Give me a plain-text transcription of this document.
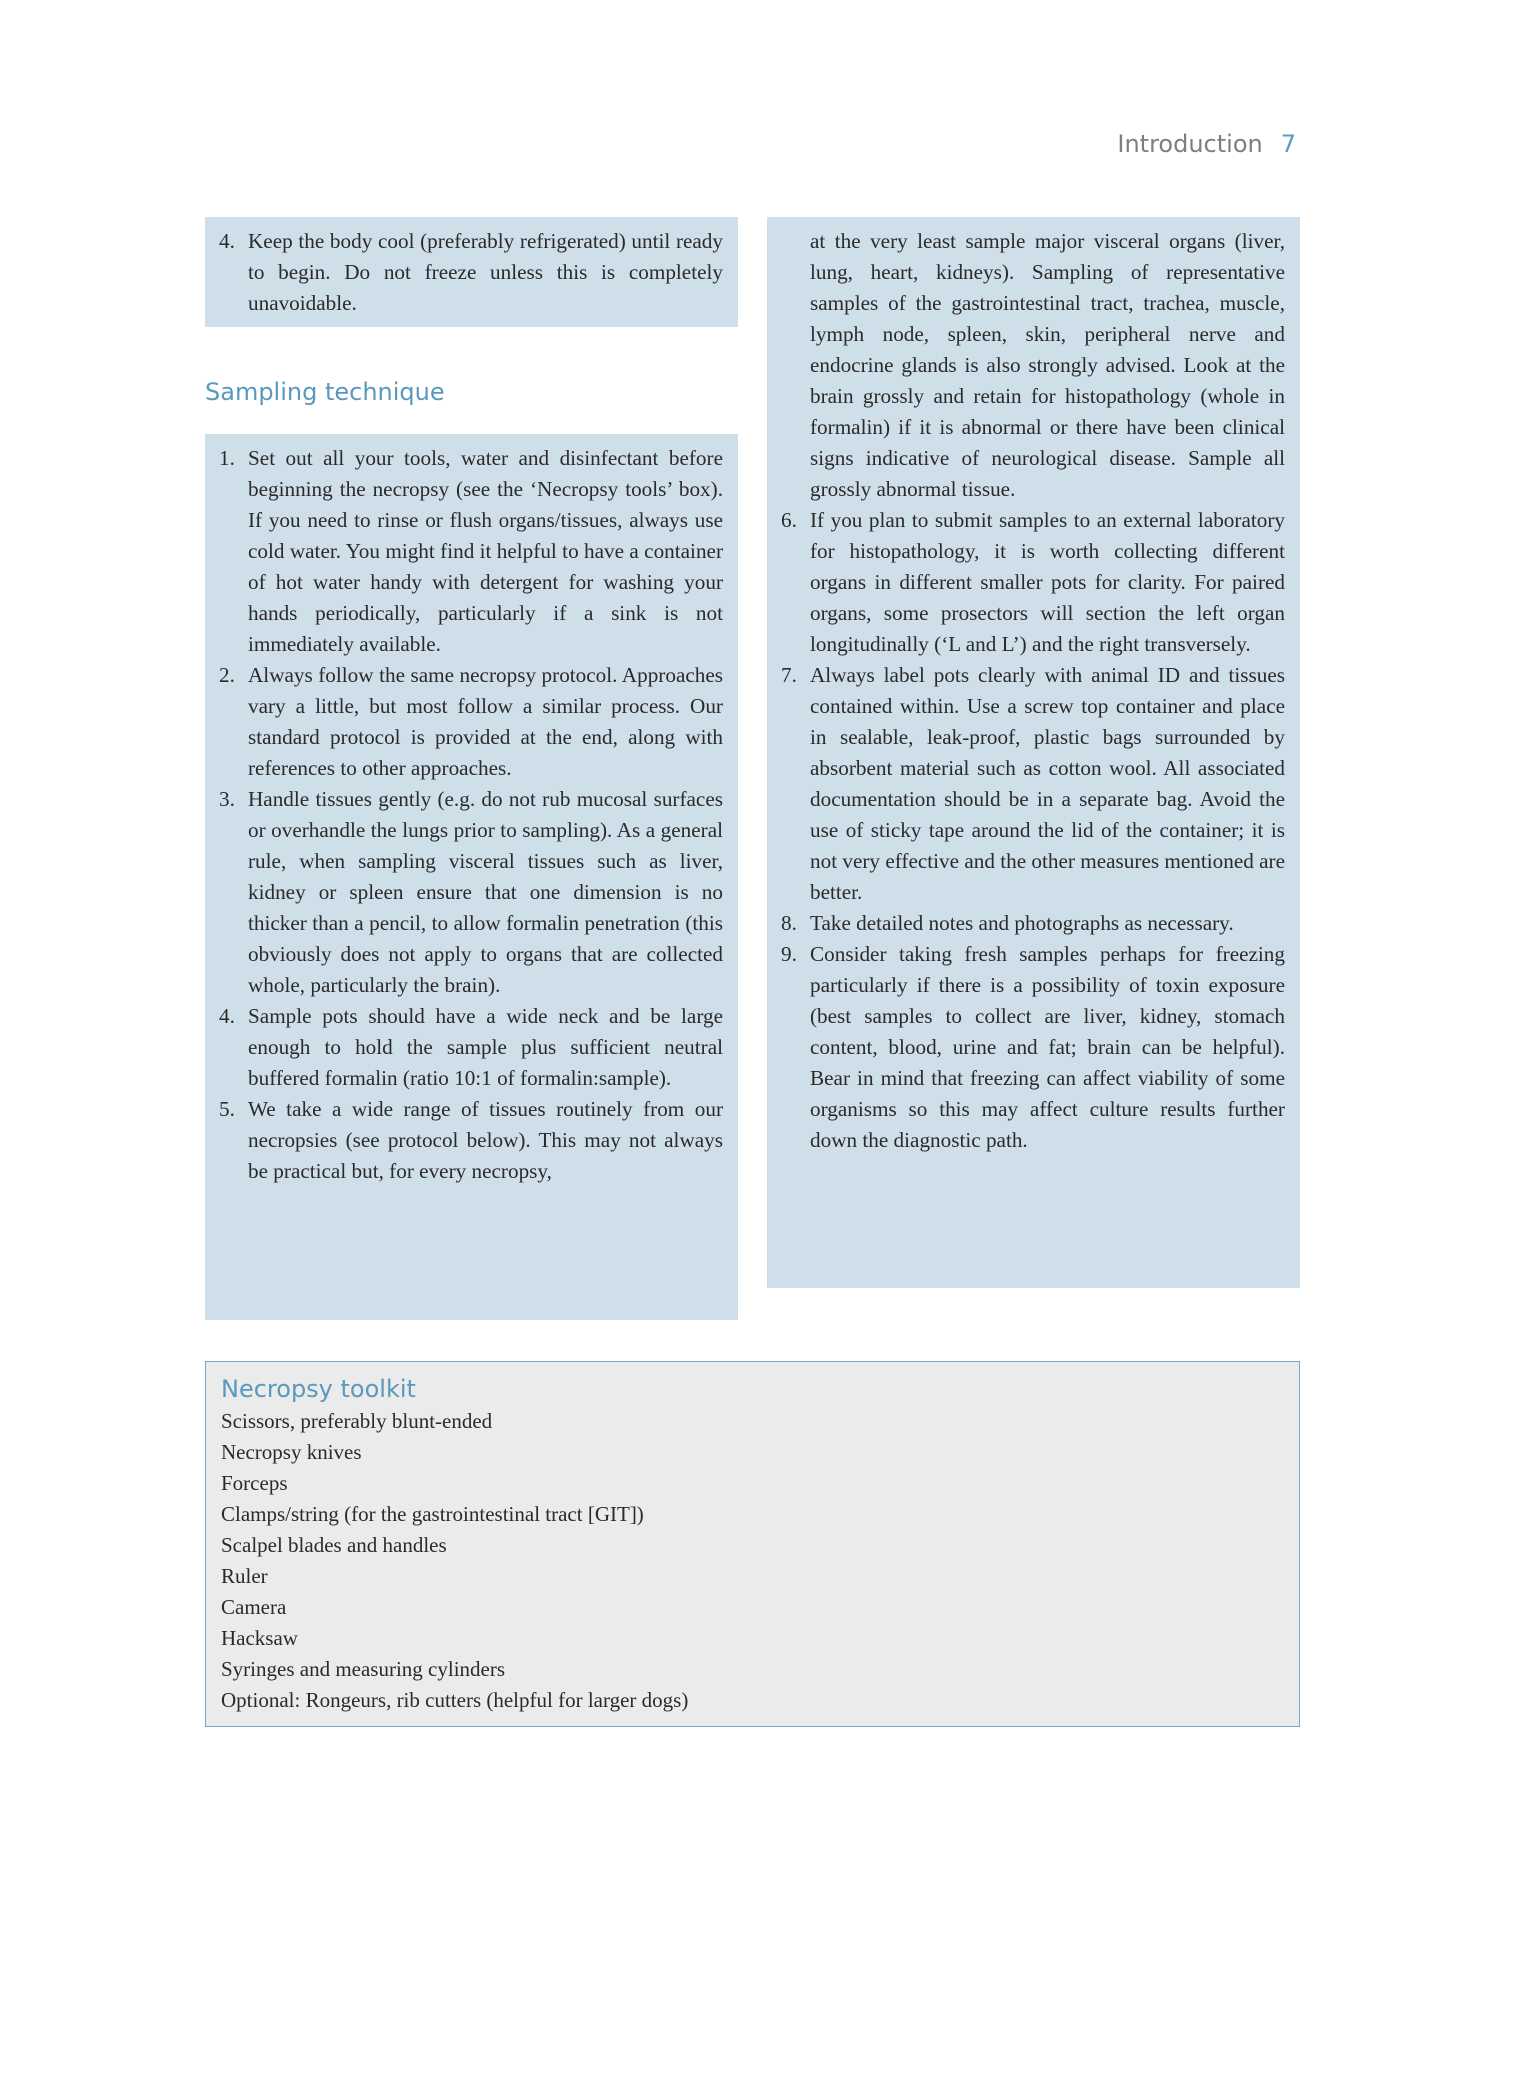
Introduction 7
4. Keep the body cool (preferably refrigerated) until ready to begin. Do not freeze unless this is completely unavoidable.
Sampling technique
1. Set out all your tools, water and disinfectant before beginning the necropsy (see the ‘Necropsy tools’ box). If you need to rinse or flush organs/tissues, always use cold water. You might find it helpful to have a container of hot water handy with detergent for washing your hands periodically, particularly if a sink is not immediately available.
2. Always follow the same necropsy protocol. Approaches vary a little, but most follow a similar process. Our standard protocol is provided at the end, along with references to other approaches.
3. Handle tissues gently (e.g. do not rub mucosal surfaces or overhandle the lungs prior to sampling). As a general rule, when sampling visceral tissues such as liver, kidney or spleen ensure that one dimension is no thicker than a pencil, to allow formalin penetration (this obviously does not apply to organs that are collected whole, particularly the brain).
4. Sample pots should have a wide neck and be large enough to hold the sample plus sufficient neutral buffered formalin (ratio 10:1 of formalin:sample).
5. We take a wide range of tissues routinely from our necropsies (see protocol below). This may not always be practical but, for every necropsy,
at the very least sample major visceral organs (liver, lung, heart, kidneys). Sampling of representative samples of the gastrointestinal tract, trachea, muscle, lymph node, spleen, skin, peripheral nerve and endocrine glands is also strongly advised. Look at the brain grossly and retain for histopathology (whole in formalin) if it is abnormal or there have been clinical signs indicative of neurological disease. Sample all grossly abnormal tissue.
6. If you plan to submit samples to an external laboratory for histopathology, it is worth collecting different organs in different smaller pots for clarity. For paired organs, some prosectors will section the left organ longitudinally (‘L and L’) and the right transversely.
7. Always label pots clearly with animal ID and tissues contained within. Use a screw top container and place in sealable, leak-proof, plastic bags surrounded by absorbent material such as cotton wool. All associated documentation should be in a separate bag. Avoid the use of sticky tape around the lid of the container; it is not very effective and the other measures mentioned are better.
8. Take detailed notes and photographs as necessary.
9. Consider taking fresh samples perhaps for freezing particularly if there is a possibility of toxin exposure (best samples to collect are liver, kidney, stomach content, blood, urine and fat; brain can be helpful). Bear in mind that freezing can affect viability of some organisms so this may affect culture results further down the diagnostic path.
Necropsy toolkit
Scissors, preferably blunt-ended
Necropsy knives
Forceps
Clamps/string (for the gastrointestinal tract [GIT])
Scalpel blades and handles
Ruler
Camera
Hacksaw
Syringes and measuring cylinders
Optional: Rongeurs, rib cutters (helpful for larger dogs)
